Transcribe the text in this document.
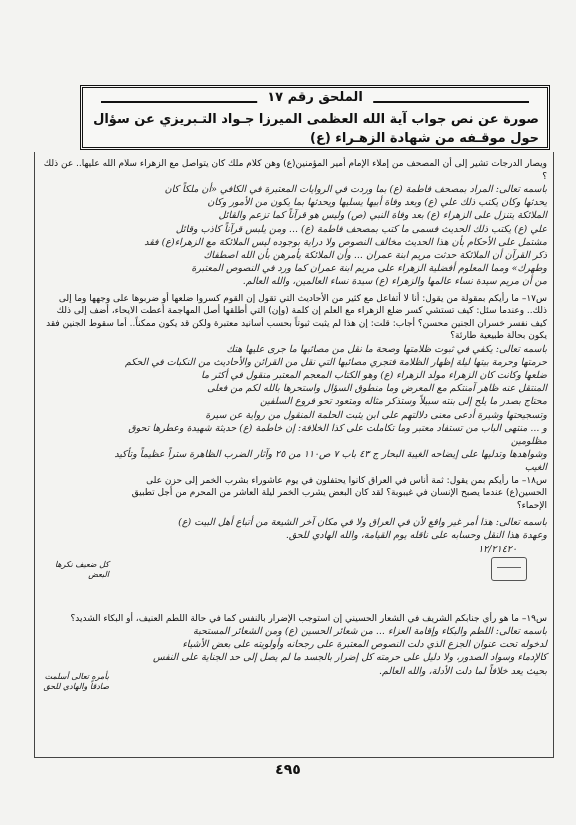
الملحق رقم ١٧
صورة عن نص جواب آية الله العظمى الميرزا جـواد التـبريزي عن سؤال حول موقـفه من شهادة الزهـراء (ع)

ويصار الدرجات تشير إلى أن المصحف من إملاء الإمام أمير المؤمنين(ع) وهن كلام ملك كان يتواصل مع الزهراء سلام الله عليها.. عن ذلك ؟

باسمه تعالى: المراد بمصحف فاطمة (ع) بما وردت في الروايات المعتبرة في الكافي «أن ملكاً كان
يحدثها وكان يكتب ذلك علي (ع) وبعد وفاة أبيها يسليها ويحدثها بما يكون من الأمور وكان
الملائكة يتنزل على الزهراء (ع) بعد وفاة النبي (ص) وليس هو قرآناً كما تزعم والقائل
علي (ع) يكتب ذلك الحديث فسمى ما كتب بمصحف فاطمة (ع) ... ومن يلبس قرآناً كاذب وقائل
مشتمل على الأحكام بأن هذا الحديث مخالف النصوص ولا دراية بوجوده ليس الملائكة مع الزهراء(ع) فقد
ذكر القرآن أن الملائكة حدثت مريم ابنة عمران ... وأن الملائكة يأمرهن بأن الله اصطفاك
وطهرك» ومما المعلوم أفضلية الزهراء على مريم ابنة عمران كما ورد في النصوص المعتبرة
من أن مريم سيدة نساء عالمها والزهراء (ع) سيدة نساء العالمين، والله العالم.

س١٧– ما رأيكم بمقولة من يقول: أنا لا أتفاعل مع كثير من الأحاديث التي تقول إن القوم كسروا ضلعها أو ضربوها على وجهها وما إلى ذلك.. وعندما سئل: كيف تستشي كسر ضلع الزهراء مع العلم إن كلمة (وإن) التي أطلقها أصل المهاجمة أعطت الايحاء، أضف إلى ذلك كيف نفسر خسران الجنين محسن؟ أجاب: قلت: إن هذا لم يثبت ثبوتاً بحسب أسانيد معتبرة ولكن قد يكون ممكناً.. أما سقوط الجنين فقد يكون بحالة طبيعية طارئة؟

باسمه تعالى: يكفي في ثبوت ظلامتها وصحة ما نقل من مصائبها ما جرى عليها هتك
حرمتها وحرمة بيتها ليلة إظهار الظلامة فتجري مصائبها التي نقل من القرائن والأحاديث من النكبات في الحكم
ضلعها وكانت كان الزهراء مولد الزهراء (ع) وهو الكتاب المعجم المعتبر منقول في أكثر ما
المنتقل عنه ظاهر آمنتكم مع المعرض وما منطوق السؤال واستحرها بالله لكم من فعلى
محتاج بصدر ما يلح إلى بنته سبيلاً وستذكر مثاله ومتعود تحو فروع السلفين
وتسجيحتها وشيرة أدعى معنى دلالتهم على ابن يثبت الحلمة المنقول من رواية عن سيرة
و ... منتهى الباب من تستفاد معتبر وما تكاملت على كذا الخلافة: إن خاطمة (ع) حديثة شهيدة وعطرها تحوق مظلومين
وشواهدها وتدليها على إيضاحه الغيبة البحار ج ٤٣ باب ٧ ص١١٠ من ٢٥ وآثار الضرب الظاهرة ستراً عظيماً وتأكيد الغيب

س١٨– ما رأيكم بمن يقول: ثمة أناس في العراق كانوا يحتفلون في يوم عاشوراء بشرب الخمر إلى حزن على الحسين(ع) عندما يصبح الإنسان في غيبوبة؟ لقد كان البعض يشرب الخمر ليلة العاشر من المحرم من أجل تطبيق الإحماء؟

باسمه تعالى: هذا أمر غير واقع لأن في العراق ولا في مكان آخر الشيعة من أتباع أهل البيت (ع)
وعهدة هذا النقل وحسابه على ناقله يوم القيامة، والله الهادي للحق.
١٢/٢١٤٢٠

س١٩– ما هو رأي جنابكم الشريف في الشعار الحسيني إن استوجب الإضرار بالنفس كما في حالة اللطم العنيف، أو البكاء الشديد؟

باسمه تعالى: اللطم والبكاء وإقامة العزاء ... من شعائر الحسين (ع) ومن الشعائر المستحبة
لدخوله تحت عنوان الجزع الذي دلت النصوص المعتبرة على رجحانه وأولويته على بعض الأشياء
كالإدماء وسواد الصدور، ولا دليل على حرمته كل إضرار بالجسد ما لم يصل إلى حد الجناية على النفس
بحيث يعد خلافاً لما دلت الأدلة، والله العالم.
كل ضعيف نكرها البعض
بأمره تعالى أسلمت صادقاً والهادي للحق
٤٩٥
